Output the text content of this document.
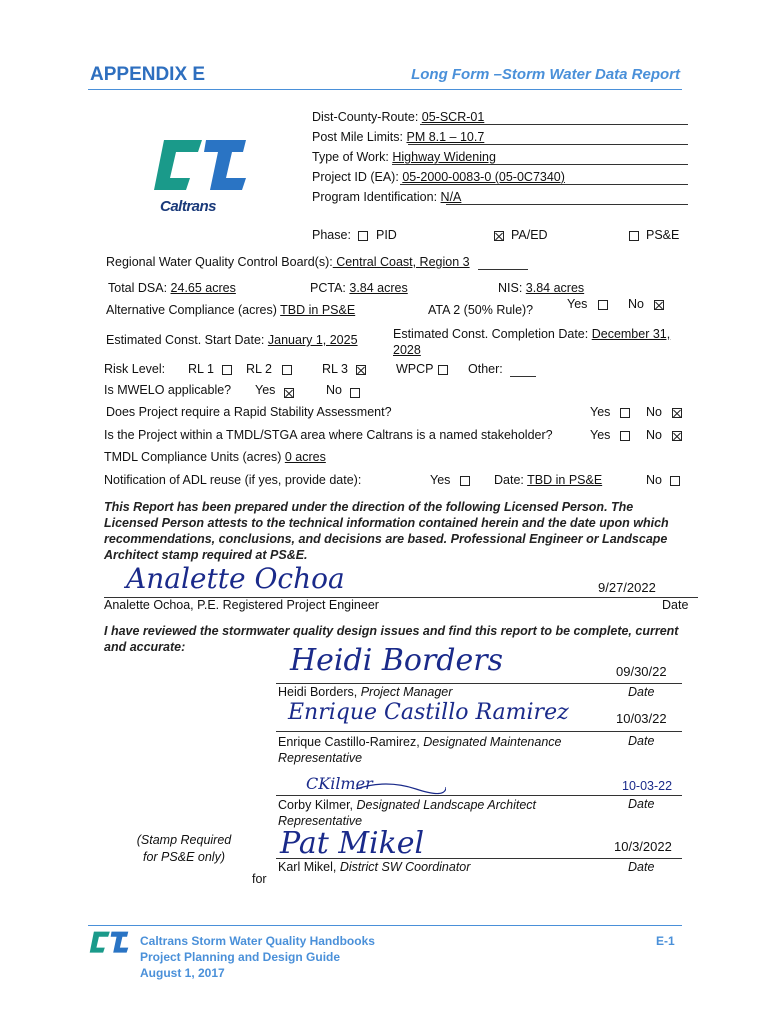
APPENDIX E	Long Form –Storm Water Data Report
Caltrans
Dist-County-Route: 05-SCR-01
Post Mile Limits: PM 8.1 – 10.7
Type of Work: Highway Widening
Project ID (EA): 05-2000-0083-0 (05-0C7340)
Program Identification: N/A
Phase: PID	PA/ED	PS&E
Regional Water Quality Control Board(s): Central Coast, Region 3
Total DSA: 24.65 acres	PCTA: 3.84 acres	NIS: 3.84 acres
Alternative Compliance (acres) TBD in PS&E	ATA 2 (50% Rule)?	Yes	No
Estimated Const. Start Date: January 1, 2025	Estimated Const. Completion Date: December 31,
2028
Risk Level: RL 1	RL 2	RL 3	WPCP	Other:
Is MWELO applicable? Yes	No
Does Project require a Rapid Stability Assessment?	Yes	No
Is the Project within a TMDL/STGA area where Caltrans is a named stakeholder?	Yes	No
TMDL Compliance Units (acres) 0 acres
Notification of ADL reuse (if yes, provide date):	Yes	Date: TBD in PS&E	No
This Report has been prepared under the direction of the following Licensed Person. The Licensed Person attests to the technical information contained herein and the date upon which recommendations, conclusions, and decisions are based. Professional Engineer or Landscape Architect stamp required at PS&E.
Analette Ochoa	9/27/2022
Analette Ochoa, P.E. Registered Project Engineer	Date
I have reviewed the stormwater quality design issues and find this report to be complete, current and accurate:	Heidi Borders	09/30/22
Heidi Borders, Project Manager	Date
Enrique Castillo Ramirez	10/03/22
Enrique Castillo-Ramirez, Designated Maintenance
Representative
Date
CKilmer	10-03-22
Corby Kilmer, Designated Landscape Architect
Representative
Date
(Stamp Required
for PS&E only)
for
Pat Mikel	10/3/2022
Karl Mikel, District SW Coordinator	Date
Caltrans Storm Water Quality Handbooks
Project Planning and Design Guide
August 1, 2017
E-1
